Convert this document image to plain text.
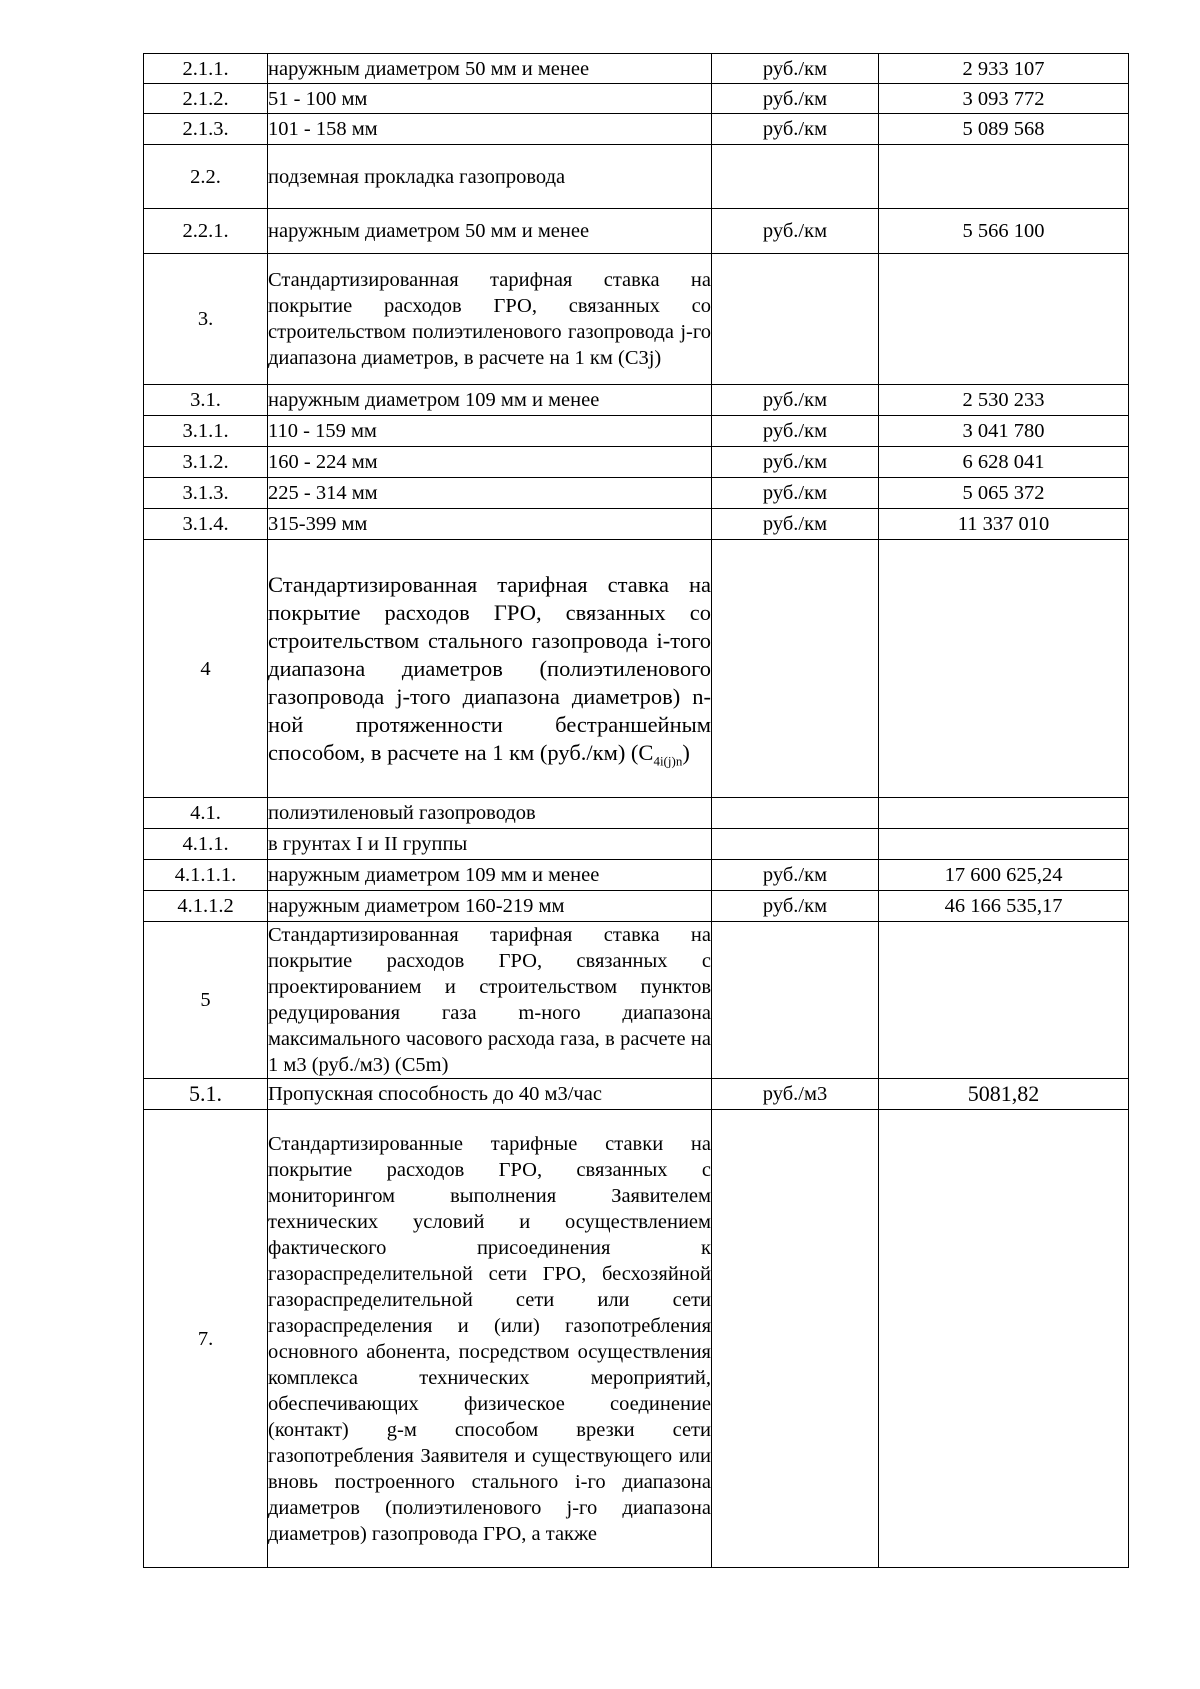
2.1.1.	наружным диаметром 50 мм и менее	руб./км	2 933 107
2.1.2.	51 - 100 мм	руб./км	3 093 772
2.1.3.	101 - 158 мм	руб./км	5 089 568
2.2.	подземная прокладка газопровода		
2.2.1.	наружным диаметром 50 мм и менее	руб./км	5 566 100
3.	Стандартизированная тарифная ставка на покрытие расходов ГРО, связанных со строительством полиэтиленового газопровода j-го диапазона диаметров, в расчете на 1 км (С3j)		
3.1.	наружным диаметром 109 мм и менее	руб./км	2 530 233
3.1.1.	110 - 159 мм	руб./км	3 041 780
3.1.2.	160 - 224 мм	руб./км	6 628 041
3.1.3.	225 - 314 мм	руб./км	5 065 372
3.1.4.	315-399 мм	руб./км	11 337 010
4	Стандартизированная тарифная ставка на покрытие расходов ГРО, связанных со строительством стального газопровода i-того диапазона диаметров (полиэтиленового газопровода j-того диапазона диаметров) n-ной протяженности бестраншейным способом, в расчете на 1 км (руб./км) $(С_{4i(j)n})$		
4.1.	полиэтиленовый газопроводов		
4.1.1.	в грунтах I и II группы		
4.1.1.1.	наружным диаметром 109 мм и менее	руб./км	17 600 625,24
4.1.1.2	наружным диаметром 160-219 мм	руб./км	46 166 535,17
5	Стандартизированная тарифная ставка на покрытие расходов ГРО, связанных с проектированием и строительством пунктов редуцирования газа m-ного диапазона максимального часового расхода газа, в расчете на 1 м3 (руб./м3) (С5m)		
5.1.	Пропускная способность до 40 м3/час	руб./м3	5081,82
7.	Стандартизированные тарифные ставки на покрытие расходов ГРО, связанных с мониторингом выполнения Заявителем технических условий и осуществлением фактического присоединения к газораспределительной сети ГРО, бесхозяйной газораспределительной сети или сети газораспределения и (или) газопотребления основного абонента, посредством осуществления комплекса технических мероприятий, обеспечивающих физическое соединение (контакт) g-м способом врезки сети газопотребления Заявителя и существующего или вновь построенного стального i-го диапазона диаметров (полиэтиленового j-го диапазона диаметров) газопровода ГРО, а также		
